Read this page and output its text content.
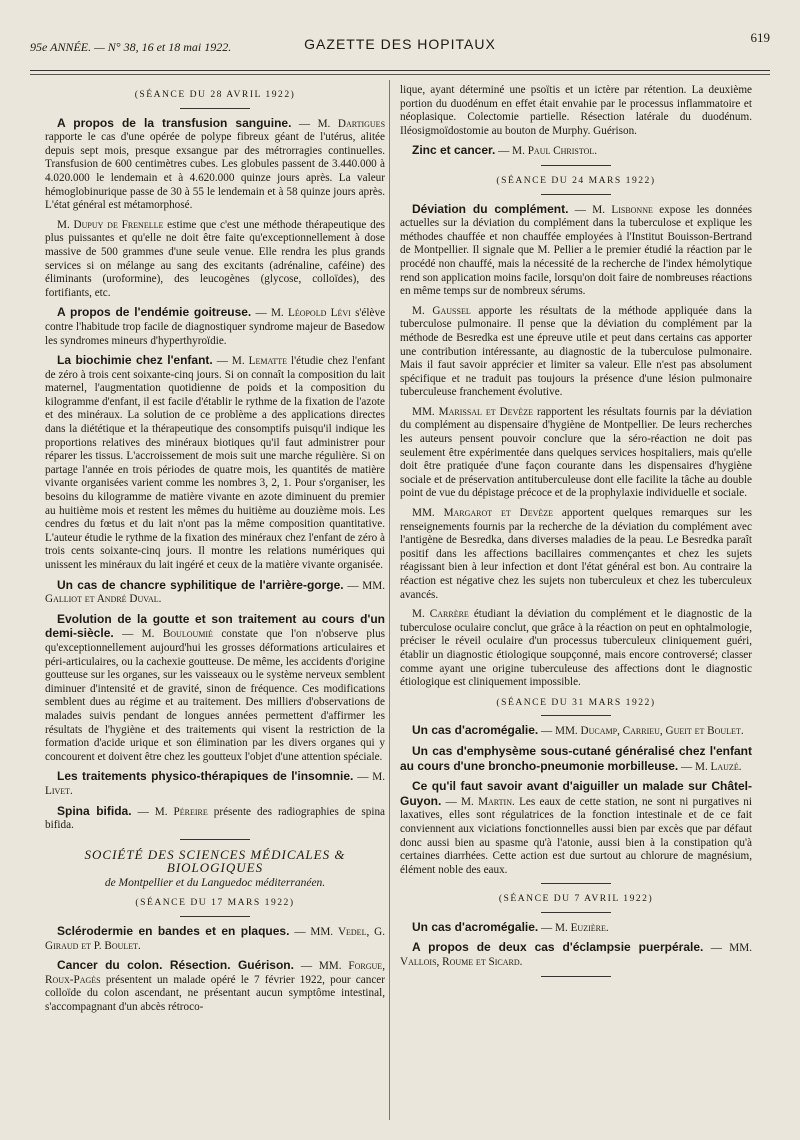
95e ANNÉE. — N° 38, 16 et 18 mai 1922.	GAZETTE DES HOPITAUX	619
(SÉANCE DU 28 AVRIL 1922)

A propos de la transfusion sanguine. — M. Dartigues rapporte le cas d'une opérée de polype fibreux géant de l'utérus, alitée depuis sept mois, presque exsangue par des métrorragies continuelles. Transfusion de 600 centimètres cubes. Les globules passent de 3.440.000 à 4.020.000 le lendemain et à 4.620.000 quinze jours après. La valeur hémoglobinurique passe de 30 à 55 le lendemain et à 58 quinze jours après. L'état général est métamorphosé.

M. Dupuy de Frenelle estime que c'est une méthode thérapeutique des plus puissantes et qu'elle ne doit être faite qu'exceptionnellement à dose massive de 500 grammes d'une seule venue. Elle rendra les plus grands services si on mélange au sang des excitants (adrénaline, caféine) des éliminants (uroformine), des leucogènes (glycose, colloïdes), des fortifiants, etc.

A propos de l'endémie goitreuse. — M. Léopold Lévi s'élève contre l'habitude trop facile de diagnostiquer syndrome majeur de Basedow les syndromes mineurs d'hyperthyroïdie.

La biochimie chez l'enfant. — M. Lematte l'étudie chez l'enfant de zéro à trois cent soixante-cinq jours. Si on connaît la composition du lait maternel, l'augmentation quotidienne de poids et la composition du kilogramme d'enfant, il est facile d'établir le rythme de la fixation de l'azote et des minéraux. La solution de ce problème a des applications directes dans la diététique et la thérapeutique des consomptifs puisqu'il indique les proportions relatives des minéraux biotiques qu'il faut administrer pour réparer les tissus. L'accroissement de mois suit une marche régulière. Si on partage l'année en trois périodes de quatre mois, les quantités de matière vivante organisées varient comme les nombres 3, 2, 1. Pour s'organiser, les besoins du kilogramme de matière vivante en azote diminuent du premier au huitième mois et restent les mêmes du huitième au douzième mois. Les cendres du fœtus et du lait n'ont pas la même composition quantitative. L'auteur étudie le rythme de la fixation des minéraux chez l'enfant de zéro à trois cents soixante-cinq jours. Il montre les relations numériques qui unissent les minéraux du lait ingéré et ceux de la matière vivante organisée.

Un cas de chancre syphilitique de l'arrière-gorge. — MM. Galliot et André Duval.

Evolution de la goutte et son traitement au cours d'un demi-siècle. — M. Bouloumié constate que l'on n'observe plus qu'exceptionnellement aujourd'hui les grosses déformations articulaires et péri-articulaires, ou la cachexie goutteuse. De même, les accidents d'origine goutteuse sur les organes, sur les vaisseaux ou le système nerveux semblent diminuer d'intensité et de gravité, sinon de fréquence. Ces modifications semblent dues au régime et au traitement. Des milliers d'observations de malades suivis pendant de longues années permettent d'affirmer les résultats de l'hygiène et des traitements qui visent la restriction de la formation d'acide urique et son élimination par les divers organes qui y concourent et doivent être chez les goutteux l'objet d'une attention spéciale.

Les traitements physico-thérapiques de l'insomnie. — M. Livet.

Spina bifida. — M. Péreire présente des radiographies de spina bifida.

SOCIÉTÉ DES SCIENCES MÉDICALES & BIOLOGIQUES
de Montpellier et du Languedoc méditerranéen.
(SÉANCE DU 17 MARS 1922)

Sclérodermie en bandes et en plaques. — MM. Vedel, G. Giraud et P. Boulet.

Cancer du colon. Résection. Guérison. — MM. Forgue, Roux-Pagès présentent un malade opéré le 7 février 1922, pour cancer colloïde du colon ascendant, ne présentant aucun symptôme intestinal, s'accompagnant d'un abcès rétroco-

lique, ayant déterminé une psoïtis et un ictère par rétention. La deuxième portion du duodénum en effet était envahie par le processus inflammatoire et néoplasique. Colectomie partielle. Résection latérale du duodénum. Iléosigmoïdostomie au bouton de Murphy. Guérison.

Zinc et cancer. — M. Paul Christol.

(SÉANCE DU 24 MARS 1922)

Déviation du complément. — M. Lisbonne expose les données actuelles sur la déviation du complément dans la tuberculose et explique les méthodes chauffée et non chauffée employées à l'Institut Bouisson-Bertrand de Montpellier. Il signale que M. Pellier a le premier étudié la réaction par le procédé non chauffé, mais la nécessité de la recherche de l'index hémolytique rend son application moins facile, lorsqu'on doit faire de nombreuses réactions en même temps sur de nombreux sérums.

M. Gaussel apporte les résultats de la méthode appliquée dans la tuberculose pulmonaire. Il pense que la déviation du complément par la méthode de Besredka est une épreuve utile et peut dans certains cas apporter une contribution intéressante, au diagnostic de la tuberculose pulmonaire. Mais il faut savoir apprécier et limiter sa valeur. Elle n'est pas absolument spécifique et ne traduit pas toujours la présence d'une lésion pulmonaire tuberculeuse franchement évolutive.

MM. Marissal et Devèze rapportent les résultats fournis par la déviation du complément au dispensaire d'hygiène de Montpellier. De leurs recherches les auteurs pensent pouvoir conclure que la séro-réaction ne doit pas seulement être expérimentée dans quelques services hospitaliers, mais qu'elle doit être pratiquée d'une façon courante dans les dispensaires d'hygiène sociale et de préservation antituberculeuse dont elle facilite la tâche au double point de vue du dépistage précoce et de la prophylaxie individuelle et sociale.

MM. Margarot et Devèze apportent quelques remarques sur les renseignements fournis par la recherche de la déviation du complément avec l'antigène de Besredka, dans diverses maladies de la peau. Le Besredka paraît positif dans les affections bacillaires commençantes et chez les sujets réagissant bien à leur infection et dont l'état général est bon. Au contraire la réaction est négative chez les sujets non tuberculeux et chez les tuberculeux avancés.

M. Carrère étudiant la déviation du complément et le diagnostic de la tuberculose oculaire conclut, que grâce à la réaction on peut en ophtalmologie, préciser le réveil oculaire d'un processus tuberculeux cliniquement guéri, établir un diagnostic étiologique soupçonné, mais encore controversé; classer comme ayant une origine tuberculeuse des affections dont le diagnostic étiologique est cliniquement impossible.

(SÉANCE DU 31 MARS 1922)

Un cas d'acromégalie. — MM. Ducamp, Carrieu, Gueit et Boulet.

Un cas d'emphysème sous-cutané généralisé chez l'enfant au cours d'une broncho-pneumonie morbilleuse. — M. Lauzé.

Ce qu'il faut savoir avant d'aiguiller un malade sur Châtel-Guyon. — M. Martin. Les eaux de cette station, ne sont ni purgatives ni laxatives, elles sont régulatrices de la fonction intestinale et de ce fait conviennent aux viciations fonctionnelles aussi bien par excès que par défaut donc aussi bien au spasme qu'à l'atonie, aussi bien à la constipation qu'à certaines diarrhées. Cette action est due surtout au chlorure de magnésium, élément noble des eaux.

(SÉANCE DU 7 AVRIL 1922)

Un cas d'acromégalie. — M. Euzière.

A propos de deux cas d'éclampsie puerpérale. — MM. Vallois, Roume et Sicard.
